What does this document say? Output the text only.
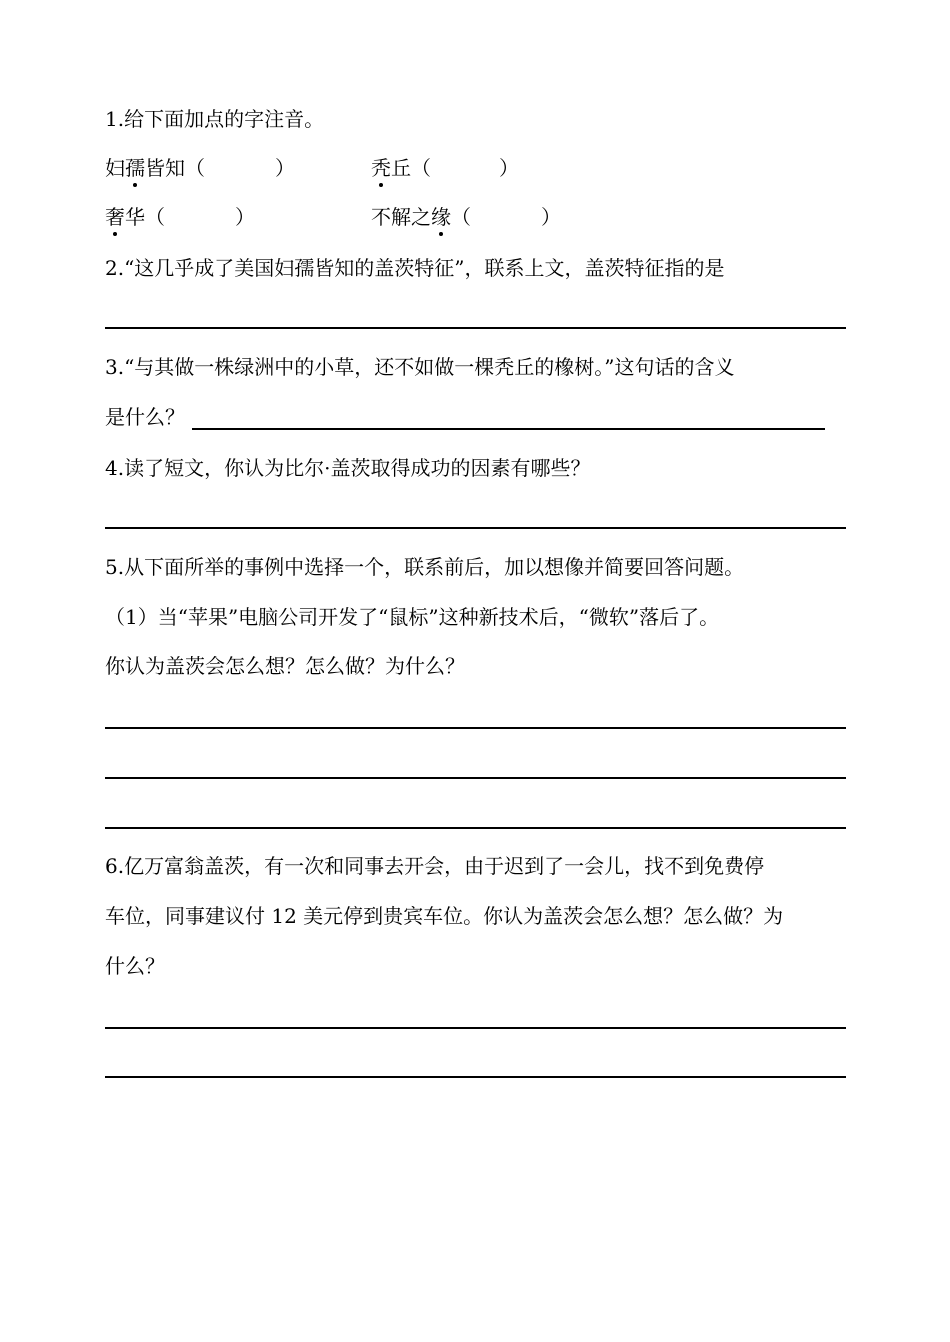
1.给下面加点的字注音。
妇孺皆知（	）	秃丘（	）
奢华（	）	不解之缘（	）
2.“这几乎成了美国妇孺皆知的盖茨特征”，联系上文，盖茨特征指的是
3.“与其做一株绿洲中的小草，还不如做一棵秃丘的橡树。”这句话的含义
是什么？
4.读了短文，你认为比尔·盖茨取得成功的因素有哪些？
5.从下面所举的事例中选择一个，联系前后，加以想像并简要回答问题。
（1）当“苹果”电脑公司开发了“鼠标”这种新技术后，“微软”落后了。
你认为盖茨会怎么想？怎么做？为什么？
6.亿万富翁盖茨，有一次和同事去开会，由于迟到了一会儿，找不到免费停
车位，同事建议付 12 美元停到贵宾车位。你认为盖茨会怎么想？怎么做？为
什么？
